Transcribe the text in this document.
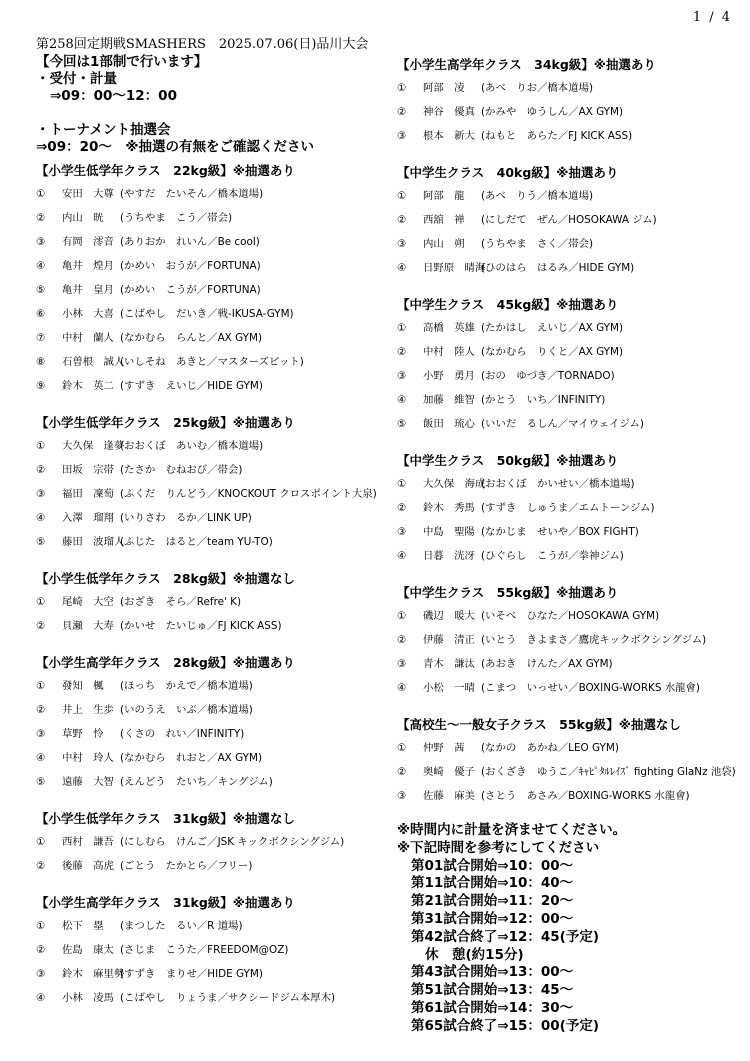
1 / 4
第258回定期戦SMASHERS　2025.07.06(日)品川大会
【今回は1部制で行います】
・受付・計量
⇒09：00～12：00
・トーナメント抽選会
⇒09：20～　※抽選の有無をご確認ください
【小学生低学年クラス　22kg級】※抽選あり
①	安田　大尊 (やすだ　たいそん／橋本道場)
②	内山　晄	(うちやま　こう／帯会)
③	有岡　澪音 (ありおか　れいん／Be cool)
④	亀井　煌月 (かめい　おうが／FORTUNA)
⑤	亀井　皇月 (かめい　こうが／FORTUNA)
⑥	小林　大喜 (こばやし　だいき／戦-IKUSA-GYM)
⑦	中村　蘭人 (なかむら　らんと／AX GYM)
⑧	石曽根　誠人
(いしそね　あきと／マスターズピット)
⑨	鈴木　英二 (すずき　えいじ／HIDE GYM)
【小学生低学年クラス　25kg級】※抽選あり
①	大久保　逢夢
(おおくぼ　あいむ／橋本道場)
②	田坂　宗帯 (たさか　むねおび／帯会)
③	福田　凜萄 (ふくだ　りんどう／KNOCKOUT クロスポイント大泉)
④	入澤　瑠翔 (いりさわ　るか／LINK UP)
⑤	藤田　波瑠人
(ふじた　はると／team YU-TO)
【小学生低学年クラス　28kg級】※抽選なし
①	尾崎　大空 (おざき　そら／Refre' K)
②	貝瀬　大寿 (かいせ　たいじゅ／FJ KICK ASS)
【小学生高学年クラス　28kg級】※抽選あり
①	發知　楓	(ほっち　かえで／橋本道場)
②	井上　生歩 (いのうえ　いぶ／橋本道場)
③	草野　怜	(くさの　れい／INFINITY)
④	中村　玲人 (なかむら　れおと／AX GYM)
⑤	遠藤　大智 (えんどう　たいち／キングジム)
【小学生低学年クラス　31kg級】※抽選なし
①	西村　謙吾 (にしむら　けんご／JSK キックボクシングジム)
②	後藤　高虎 (ごとう　たかとら／フリー)
【小学生高学年クラス　31kg級】※抽選あり
①	松下　塁	(まつした　るい／R 道場)
②	佐島　康太 (さじま　こうた／FREEDOM@OZ)
③	鈴木　麻里勢
(すずき　まりせ／HIDE GYM)
④	小林　凌馬 (こばやし　りょうま／サクシードジム本厚木)
【小学生高学年クラス　34kg級】※抽選あり
①	阿部　凌	(あべ　りお／橋本道場)
②	神谷　優真 (かみや　ゆうしん／AX GYM)
③	根本　新大 (ねもと　あらた／FJ KICK ASS)
【中学生クラス　40kg級】※抽選あり
①	阿部　龍	(あべ　りう／橋本道場)
②	西舘　禅	(にしだて　ぜん／HOSOKAWA ジム)
③	内山　朔	(うちやま　さく／帯会)
④	日野原　晴海
(ひのはら　はるみ／HIDE GYM)
【中学生クラス　45kg級】※抽選あり
①	高橋　英雄 (たかはし　えいじ／AX GYM)
②	中村　陸人 (なかむら　りくと／AX GYM)
③	小野　勇月 (おの　ゆづき／TORNADO)
④	加藤　維智 (かとう　いち／INFINITY)
⑤	飯田　琉心 (いいだ　るしん／マイウェイジム)
【中学生クラス　50kg級】※抽選あり
①	大久保　海成
(おおくぼ　かいせい／橋本道場)
②	鈴木　秀馬 (すずき　しゅうま／エムトーンジム)
③	中島　聖陽 (なかじま　せいや／BOX FIGHT)
④	日暮　洸冴 (ひぐらし　こうが／拳神ジム)
【中学生クラス　55kg級】※抽選あり
①	磯辺　暖大 (いそべ　ひなた／HOSOKAWA GYM)
②	伊藤　清正 (いとう　きよまさ／鷹虎キックボクシングジム)
③	青木　謙汰 (あおき　けんた／AX GYM)
④	小松　一晴 (こまつ　いっせい／BOXING-WORKS 水龍會)
【高校生～一般女子クラス　55kg級】※抽選なし
①	仲野　茜	(なかの　あかね／LEO GYM)
②	奥崎　優子 (おくざき　ゆうこ／ｷｬﾋﾟﾀﾙﾚｲｽﾞ fighting GlaNz 池袋)
③	佐藤　麻美 (さとう　あさみ／BOXING-WORKS 水龍會)
※時間内に計量を済ませてください。
※下記時間を参考にしてください
第01試合開始⇒10：00～
第11試合開始⇒10：40～
第21試合開始⇒11：20～
第31試合開始⇒12：00～
第42試合終了⇒12：45(予定)
休　憩(約15分)
第43試合開始⇒13：00～
第51試合開始⇒13：45～
第61試合開始⇒14：30～
第65試合終了⇒15：00(予定)
